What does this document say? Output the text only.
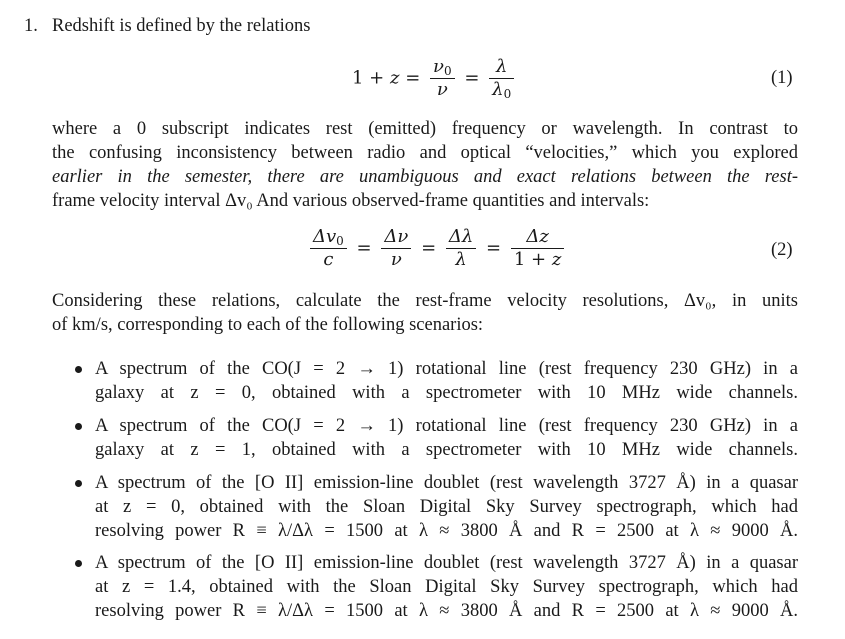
1. Redshift is defined by the relations
$1 + z = \frac{\nu_0}{\nu} = \frac{\lambda}{\lambda_0}$	(1)
where a 0 subscript indicates rest (emitted) frequency or wavelength. In contrast to
the confusing inconsistency between radio and optical “velocities,” which you explored
earlier in the semester, there are unambiguous and exact relations between the rest-
frame velocity interval Δv₀ And various observed-frame quantities and intervals:
$\frac{\Delta v_0}{c} = \frac{\Delta\nu}{\nu} = \frac{\Delta\lambda}{\lambda} = \frac{\Delta z}{1 + z}$	(2)
Considering these relations, calculate the rest-frame velocity resolutions, Δv₀, in units
of km/s, corresponding to each of the following scenarios:
A spectrum of the CO(J = 2 → 1) rotational line (rest frequency 230 GHz) in a
galaxy at z = 0, obtained with a spectrometer with 10 MHz wide channels.
A spectrum of the CO(J = 2 → 1) rotational line (rest frequency 230 GHz) in a
galaxy at z = 1, obtained with a spectrometer with 10 MHz wide channels.
A spectrum of the [O II] emission-line doublet (rest wavelength 3727 Å) in a quasar
at z = 0, obtained with the Sloan Digital Sky Survey spectrograph, which had
resolving power R ≡ λ/Δλ = 1500 at λ ≈ 3800 Å and R = 2500 at λ ≈ 9000 Å.
A spectrum of the [O II] emission-line doublet (rest wavelength 3727 Å) in a quasar
at z = 1.4, obtained with the Sloan Digital Sky Survey spectrograph, which had
resolving power R ≡ λ/Δλ = 1500 at λ ≈ 3800 Å and R = 2500 at λ ≈ 9000 Å.
